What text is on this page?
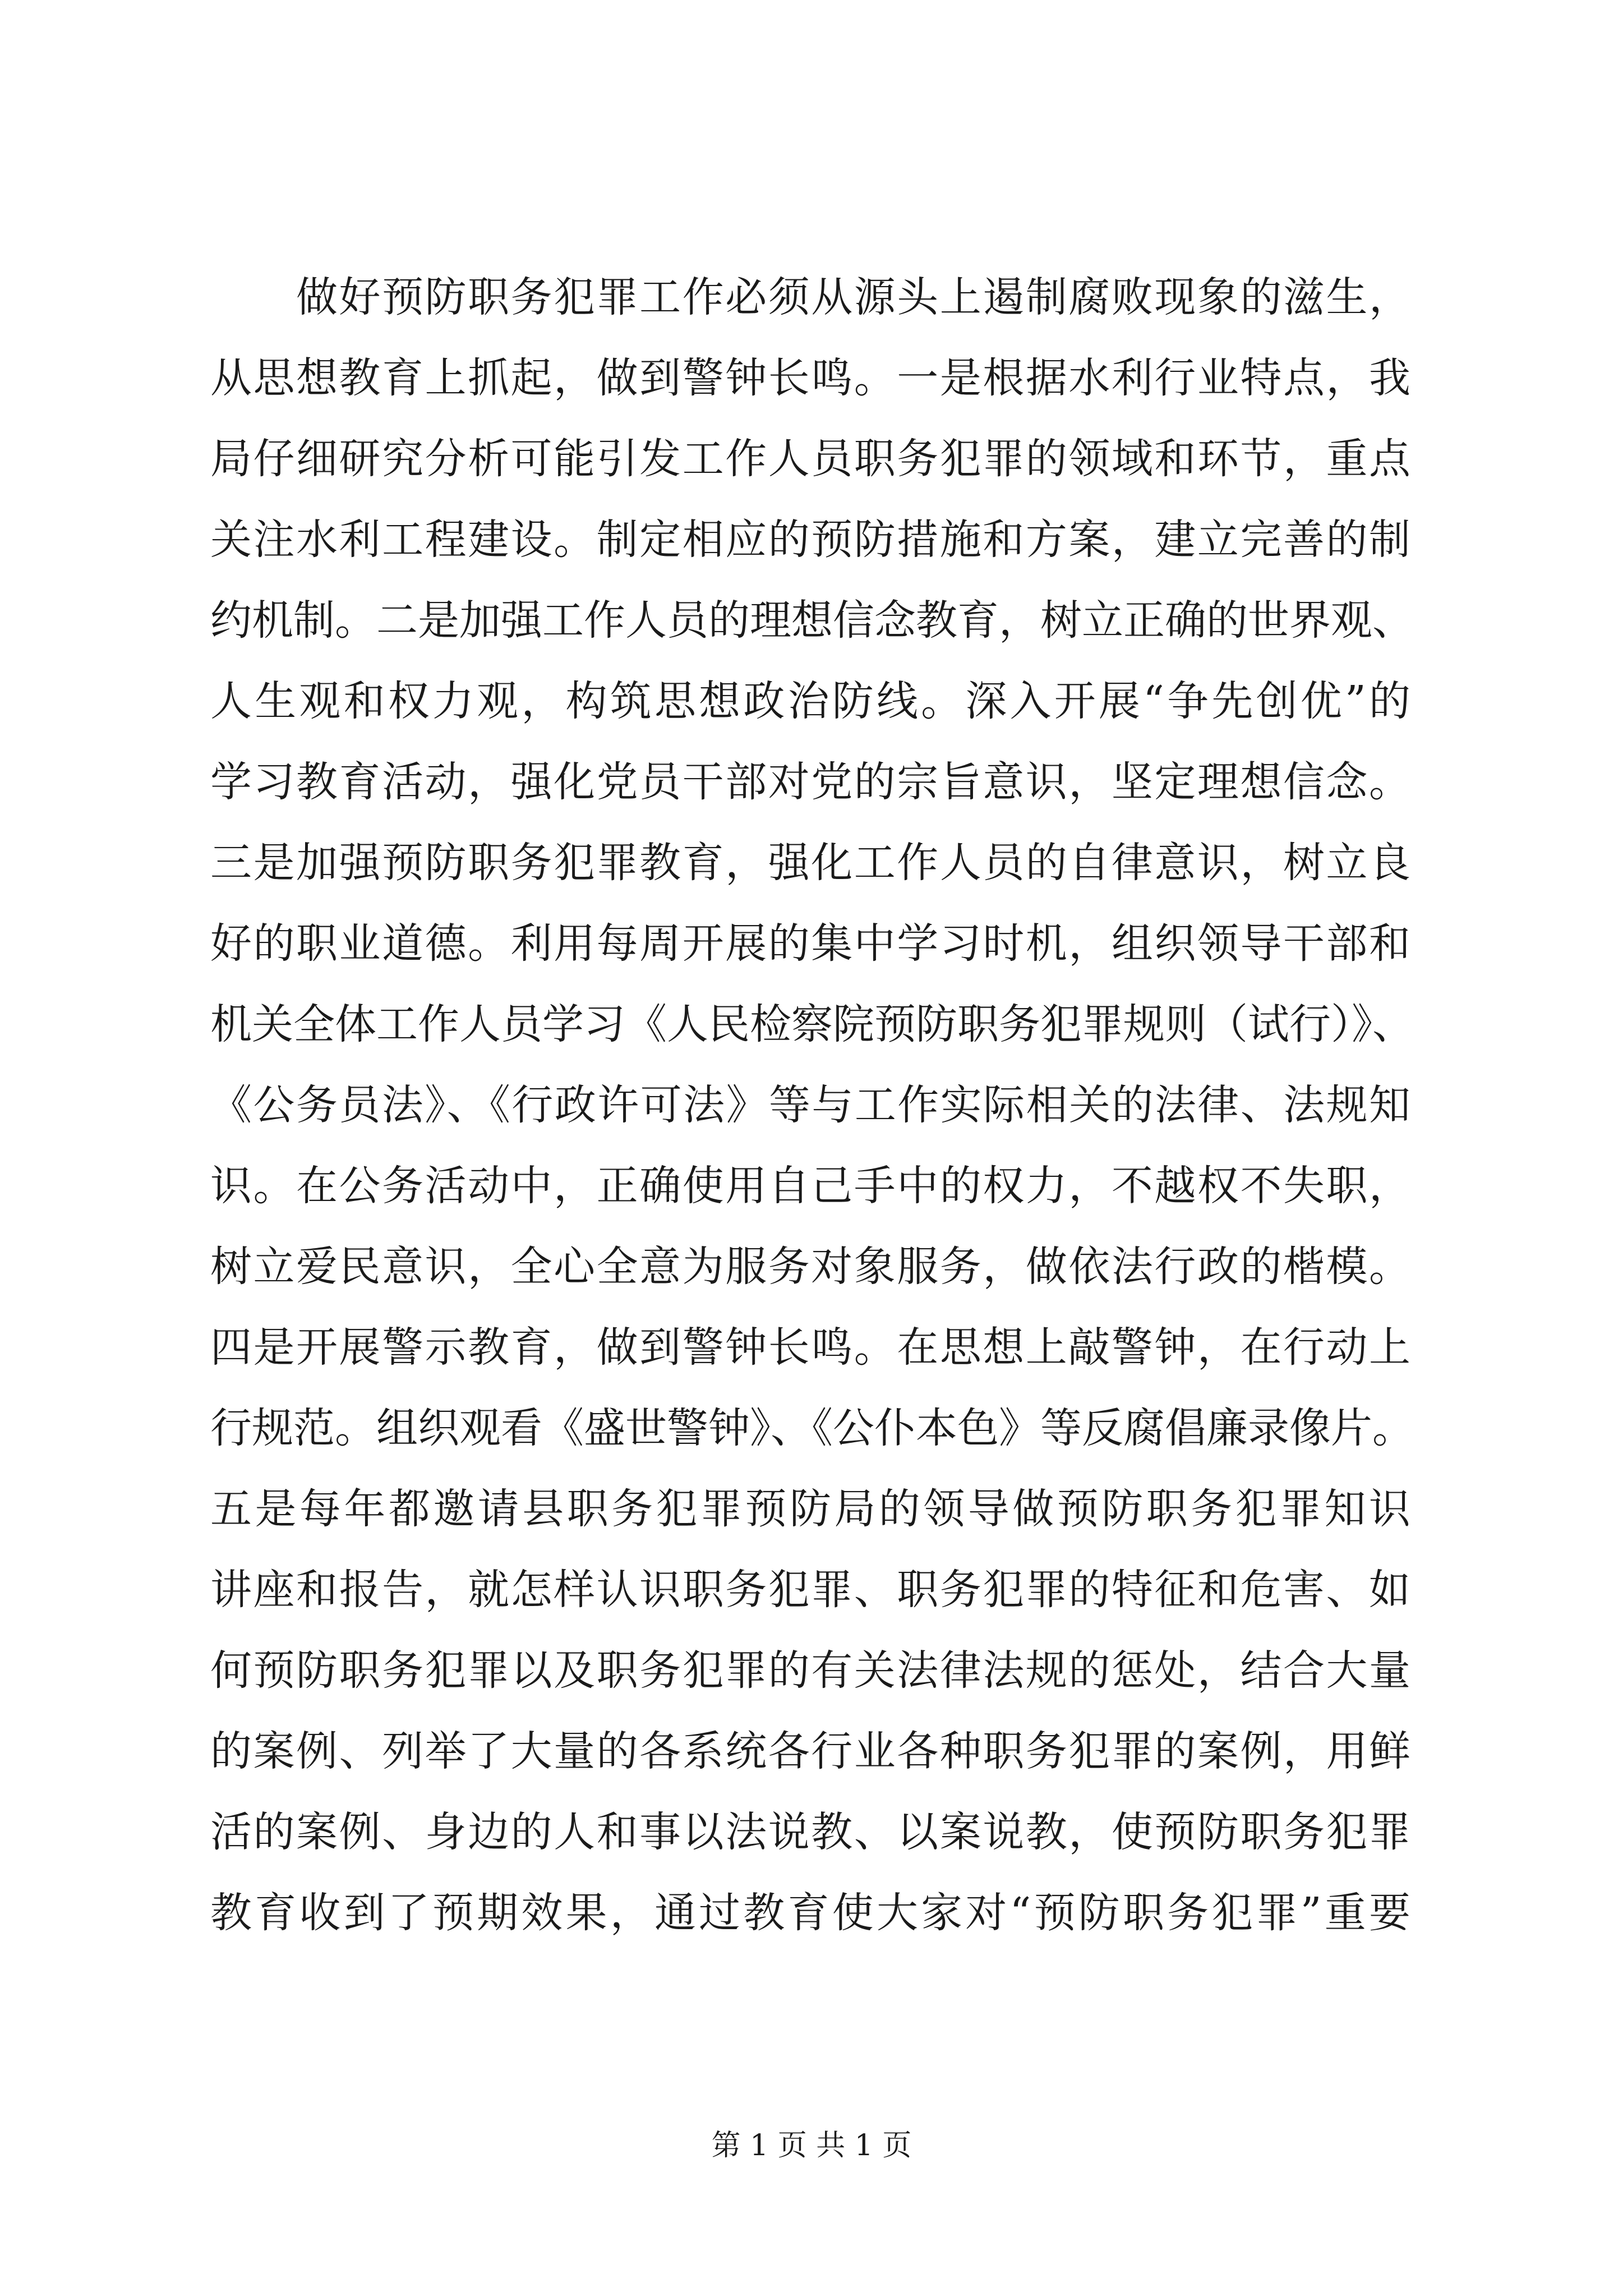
　　做好预防职务犯罪工作必须从源头上遏制腐败现象的滋生，
从思想教育上抓起，做到警钟长鸣。一是根据水利行业特点，我
局仔细研究分析可能引发工作人员职务犯罪的领域和环节，重点
关注水利工程建设。制定相应的预防措施和方案，建立完善的制
约机制。二是加强工作人员的理想信念教育，树立正确的世界观、
人生观和权力观，构筑思想政治防线。深入开展“争先创优”的
学习教育活动，强化党员干部对党的宗旨意识，坚定理想信念。
三是加强预防职务犯罪教育，强化工作人员的自律意识，树立良
好的职业道德。利用每周开展的集中学习时机，组织领导干部和
机关全体工作人员学习《人民检察院预防职务犯罪规则（试行）》、
《公务员法》、《行政许可法》等与工作实际相关的法律、法规知
识。在公务活动中，正确使用自己手中的权力，不越权不失职，
树立爱民意识，全心全意为服务对象服务，做依法行政的楷模。
四是开展警示教育，做到警钟长鸣。在思想上敲警钟，在行动上
行规范。组织观看《盛世警钟》、《公仆本色》等反腐倡廉录像片。
五是每年都邀请县职务犯罪预防局的领导做预防职务犯罪知识
讲座和报告，就怎样认识职务犯罪、职务犯罪的特征和危害、如
何预防职务犯罪以及职务犯罪的有关法律法规的惩处，结合大量
的案例、列举了大量的各系统各行业各种职务犯罪的案例，用鲜
活的案例、身边的人和事以法说教、以案说教，使预防职务犯罪
教育收到了预期效果，通过教育使大家对“预防职务犯罪”重要
第 1 页 共 1 页
